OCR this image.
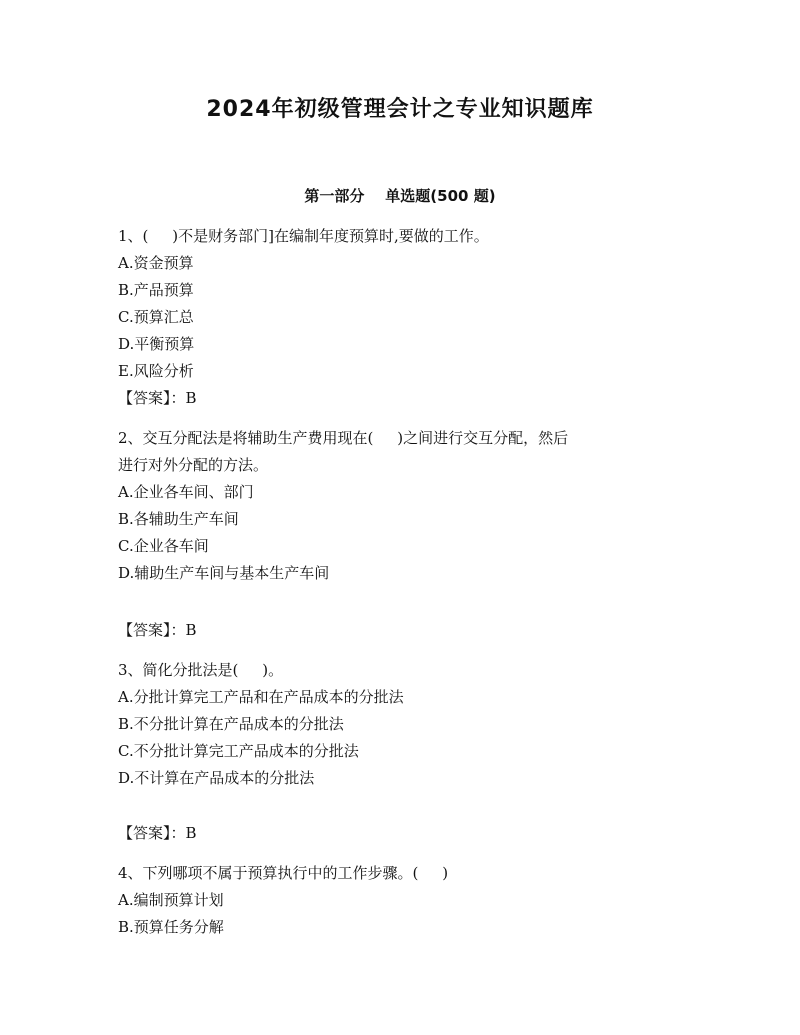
2024年初级管理会计之专业知识题库
第一部分    单选题(500 题)
1、(     )不是财务部门]在编制年度预算时,要做的工作。
A.资金预算
B.产品预算
C.预算汇总
D.平衡预算
E.风险分析
【答案】：B
2、交互分配法是将辅助生产费用现在(     )之间进行交互分配，然后
进行对外分配的方法。
A.企业各车间、部门
B.各辅助生产车间
C.企业各车间
D.辅助生产车间与基本生产车间
【答案】：B
3、简化分批法是(     )。
A.分批计算完工产品和在产品成本的分批法
B.不分批计算在产品成本的分批法
C.不分批计算完工产品成本的分批法
D.不计算在产品成本的分批法
【答案】：B
4、下列哪项不属于预算执行中的工作步骤。(     )
A.编制预算计划
B.预算任务分解
